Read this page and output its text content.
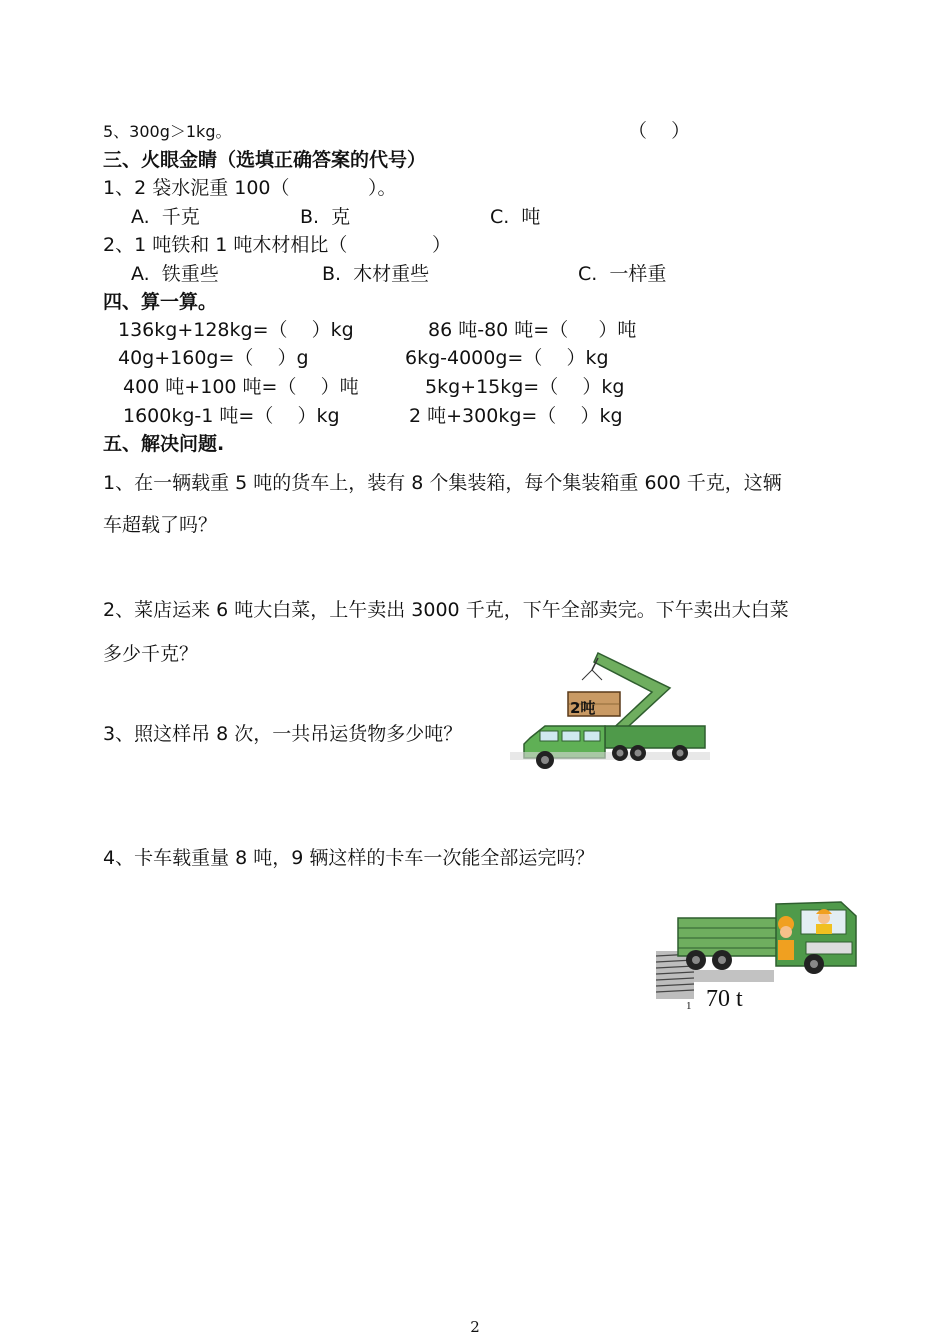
5、300g＞1kg。	（    ）
三、火眼金睛（选填正确答案的代号）
1、2 袋水泥重 100（             ）。
A.  千克	B.  克	C.  吨
2、1 吨铁和 1 吨木材相比（              ）
A.  铁重些	B.  木材重些	C.  一样重
四、算一算。
136kg+128kg=（    ）kg	86 吨-80 吨=（     ）吨
40g+160g=（    ）g	6kg-4000g=（    ）kg
400 吨+100 吨=（    ）吨	5kg+15kg=（    ）kg
1600kg-1 吨=（    ）kg	2 吨+300kg=（    ）kg
五、解决问题.
1、在一辆载重 5 吨的货车上，装有 8 个集装箱，每个集装箱重 600 千克，这辆
车超载了吗？
2、菜店运来 6 吨大白菜，上午卖出 3000 千克，下午全部卖完。下午卖出大白菜
多少千克？
3、照这样吊 8 次，一共吊运货物多少吨？
4、卡车载重量 8 吨，9 辆这样的卡车一次能全部运完吗？
2吨
1 70 t
2
